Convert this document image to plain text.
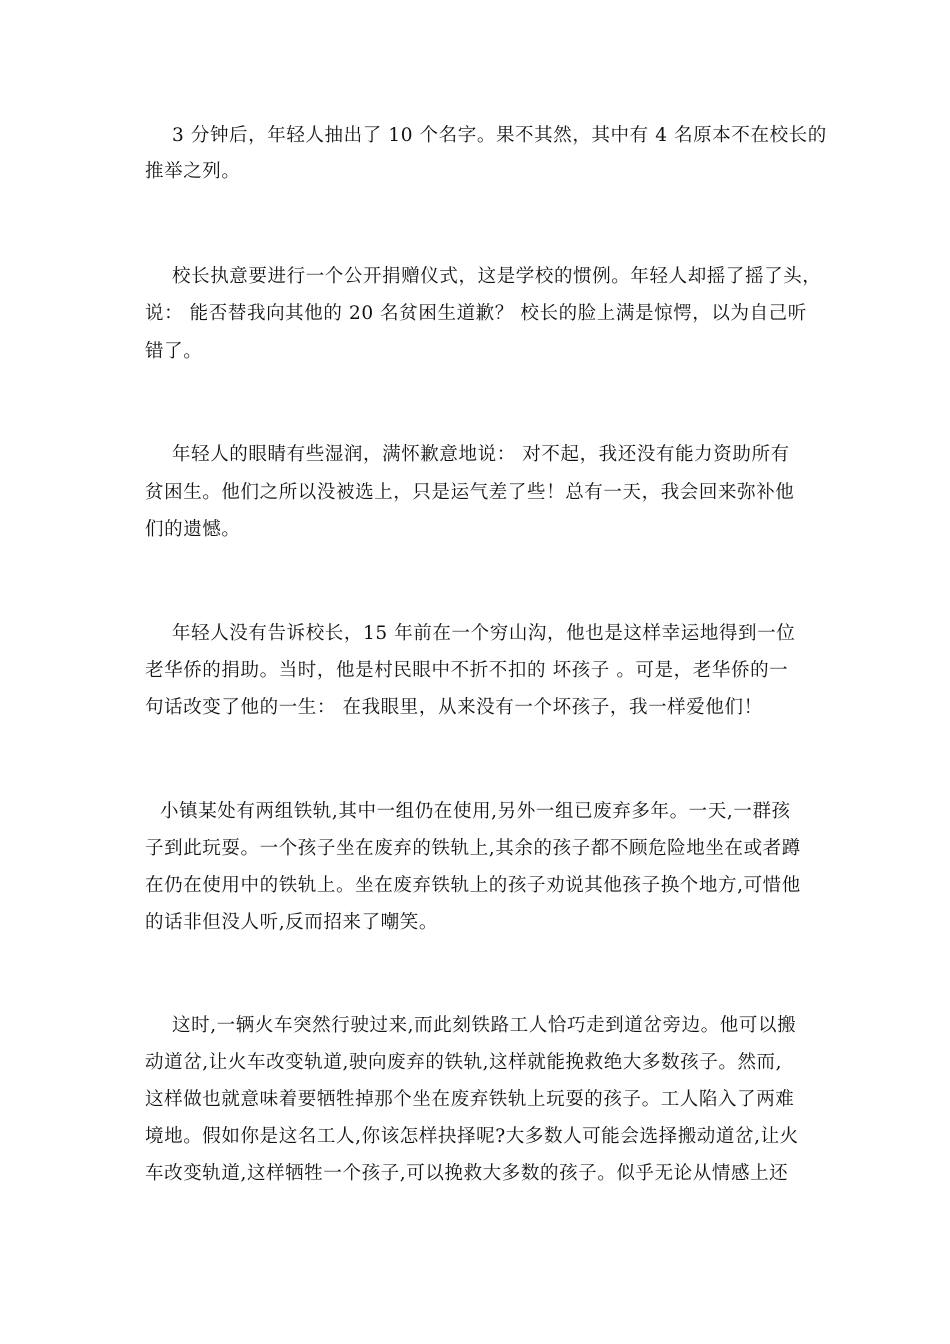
3 分钟后，年轻人抽出了 10 个名字。果不其然，其中有 4 名原本不在校长的
推举之列。
校长执意要进行一个公开捐赠仪式，这是学校的惯例。年轻人却摇了摇了头，
说： 能否替我向其他的 20 名贫困生道歉？ 校长的脸上满是惊愕，以为自己听
错了。
年轻人的眼睛有些湿润，满怀歉意地说： 对不起，我还没有能力资助所有
贫困生。他们之所以没被选上，只是运气差了些！总有一天，我会回来弥补他
们的遗憾。
年轻人没有告诉校长，15 年前在一个穷山沟，他也是这样幸运地得到一位
老华侨的捐助。当时，他是村民眼中不折不扣的 坏孩子 。可是，老华侨的一
句话改变了他的一生： 在我眼里，从来没有一个坏孩子，我一样爱他们！
小镇某处有两组铁轨,其中一组仍在使用,另外一组已废弃多年。一天,一群孩
子到此玩耍。一个孩子坐在废弃的铁轨上,其余的孩子都不顾危险地坐在或者蹲
在仍在使用中的铁轨上。坐在废弃铁轨上的孩子劝说其他孩子换个地方,可惜他
的话非但没人听,反而招来了嘲笑。
这时,一辆火车突然行驶过来,而此刻铁路工人恰巧走到道岔旁边。他可以搬
动道岔,让火车改变轨道,驶向废弃的铁轨,这样就能挽救绝大多数孩子。然而,
这样做也就意味着要牺牲掉那个坐在废弃铁轨上玩耍的孩子。工人陷入了两难
境地。假如你是这名工人,你该怎样抉择呢?大多数人可能会选择搬动道岔,让火
车改变轨道,这样牺牲一个孩子,可以挽救大多数的孩子。似乎无论从情感上还
